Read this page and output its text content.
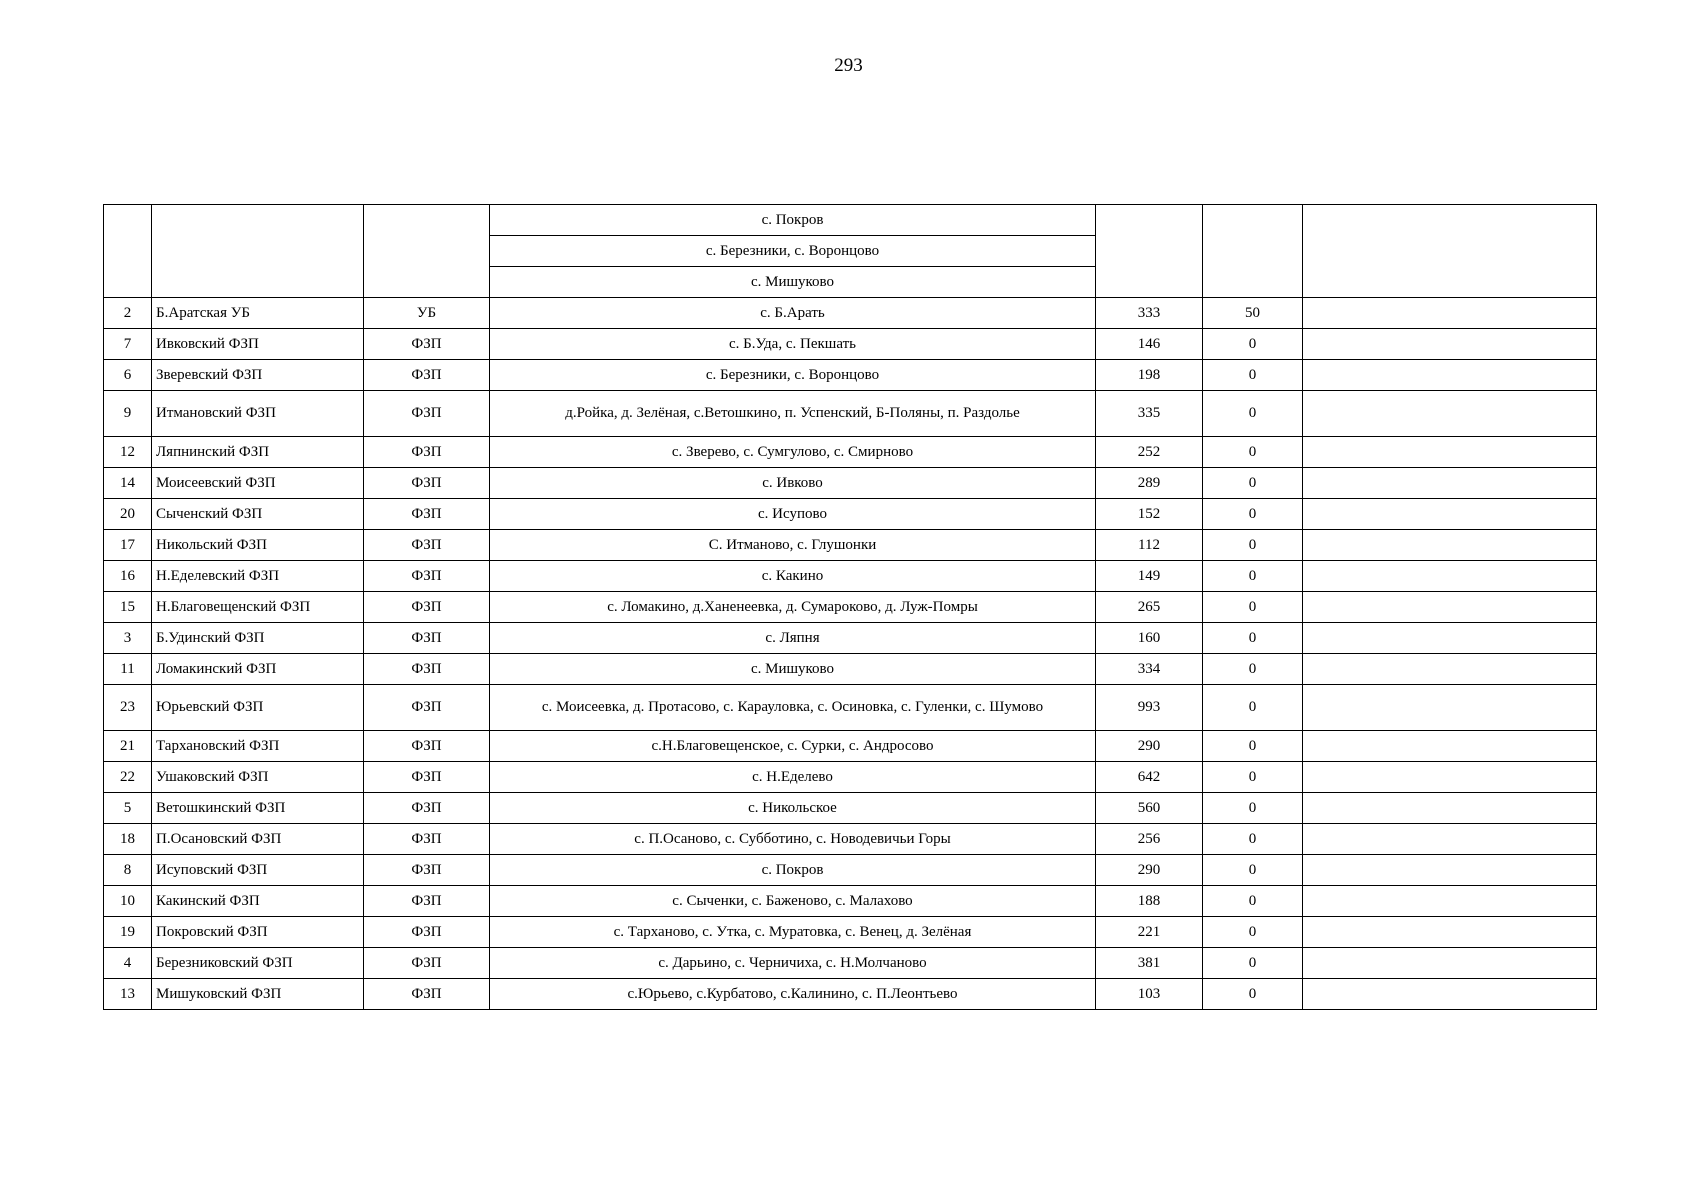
293
			с. Покров			
			с. Березники, с. Воронцово			
			с. Мишуково			
2	Б.Аратская УБ	УБ	с. Б.Арать	333	50	
7	Ивковский ФЗП	ФЗП	с. Б.Уда, с. Пекшать	146	0	
6	Зверевский ФЗП	ФЗП	с. Березники, с. Воронцово	198	0	
9	Итмановский ФЗП	ФЗП	д.Ройка, д. Зелёная, с.Ветошкино, п. Успенский, Б-Поляны, п. Раздолье	335	0	
12	Ляпнинский ФЗП	ФЗП	с. Зверево, с. Сумгулово, с. Смирново	252	0	
14	Моисеевский ФЗП	ФЗП	с. Ивково	289	0	
20	Сыченский ФЗП	ФЗП	с. Исупово	152	0	
17	Никольский ФЗП	ФЗП	С. Итманово, с. Глушонки	112	0	
16	Н.Еделевский ФЗП	ФЗП	с. Какино	149	0	
15	Н.Благовещенский ФЗП	ФЗП	с. Ломакино, д.Ханенеевка, д. Сумароково, д. Луж-Помры	265	0	
3	Б.Удинский ФЗП	ФЗП	с. Ляпня	160	0	
11	Ломакинский ФЗП	ФЗП	с. Мишуково	334	0	
23	Юрьевский ФЗП	ФЗП	с. Моисеевка, д. Протасово, с. Карауловка, с. Осиновка, с. Гуленки, с. Шумово	993	0	
21	Тархановский ФЗП	ФЗП	с.Н.Благовещенское, с. Сурки, с. Андросово	290	0	
22	Ушаковский ФЗП	ФЗП	с. Н.Еделево	642	0	
5	Ветошкинский ФЗП	ФЗП	с. Никольское	560	0	
18	П.Осановский ФЗП	ФЗП	с. П.Осаново, с. Субботино, с. Новодевичьи Горы	256	0	
8	Исуповский ФЗП	ФЗП	с. Покров	290	0	
10	Какинский ФЗП	ФЗП	с. Сыченки, с. Баженово, с. Малахово	188	0	
19	Покровский ФЗП	ФЗП	с. Тарханово, с. Утка, с. Муратовка, с. Венец, д. Зелёная	221	0	
4	Березниковский ФЗП	ФЗП	с. Дарьино, с. Черничиха, с. Н.Молчаново	381	0	
13	Мишуковский ФЗП	ФЗП	с.Юрьево, с.Курбатово, с.Калинино, с. П.Леонтьево	103	0	
